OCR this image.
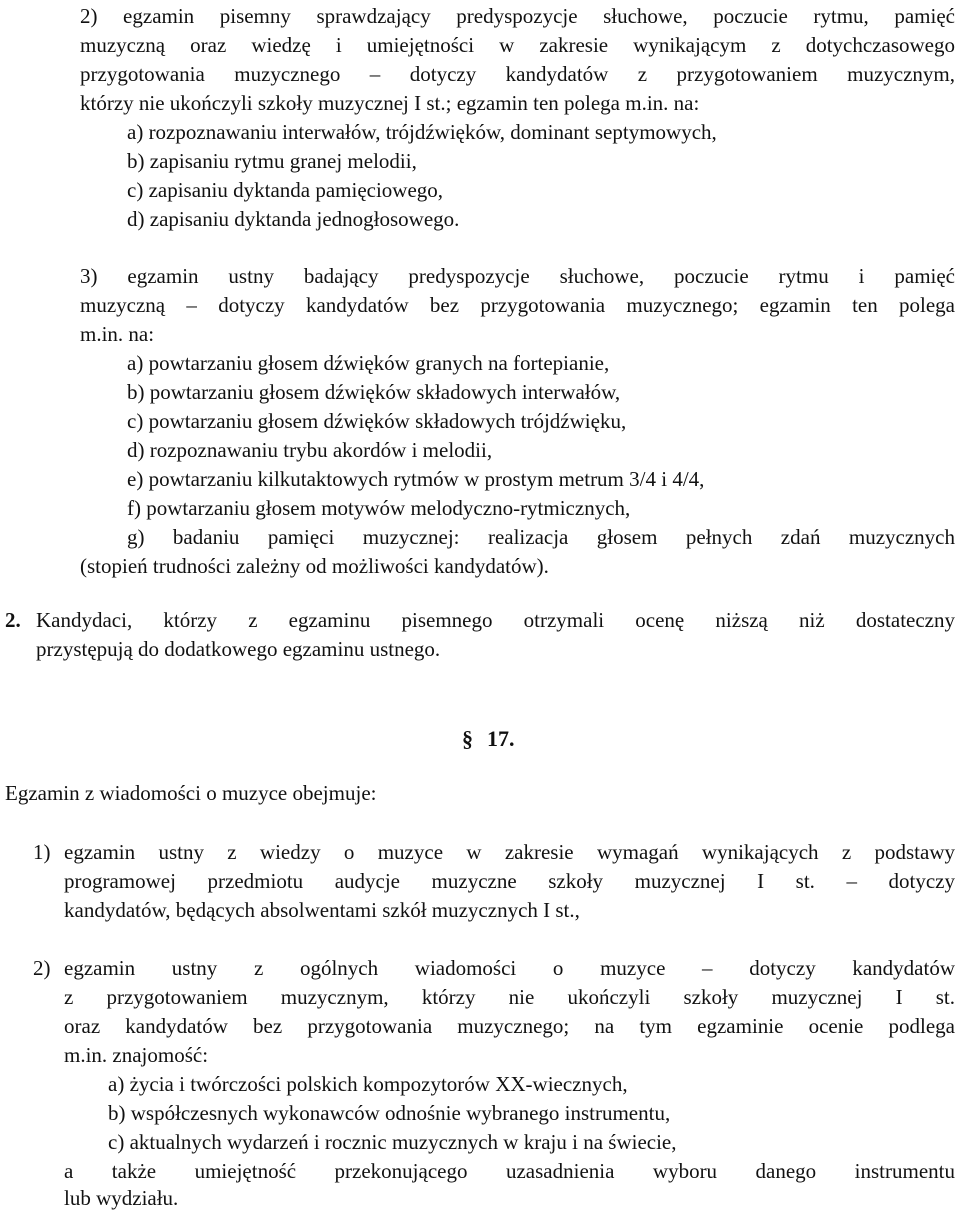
2) egzamin pisemny sprawdzający predyspozycje słuchowe, poczucie rytmu, pamięć
muzyczną oraz wiedzę i umiejętności w zakresie wynikającym z dotychczasowego
przygotowania muzycznego – dotyczy kandydatów z przygotowaniem muzycznym,
którzy nie ukończyli szkoły muzycznej I st.; egzamin ten polega m.in. na:
a) rozpoznawaniu interwałów, trójdźwięków, dominant septymowych,
b) zapisaniu rytmu granej melodii,
c) zapisaniu dyktanda pamięciowego,
d) zapisaniu dyktanda jednogłosowego.
3) egzamin ustny badający predyspozycje słuchowe, poczucie rytmu i pamięć
muzyczną – dotyczy kandydatów bez przygotowania muzycznego; egzamin ten polega
m.in. na:
a) powtarzaniu głosem dźwięków granych na fortepianie,
b) powtarzaniu głosem dźwięków składowych interwałów,
c) powtarzaniu głosem dźwięków składowych trójdźwięku,
d) rozpoznawaniu trybu akordów i melodii,
e) powtarzaniu kilkutaktowych rytmów w prostym metrum 3/4 i 4/4,
f) powtarzaniu głosem motywów melodyczno-rytmicznych,
g) badaniu pamięci muzycznej: realizacja głosem pełnych zdań muzycznych
(stopień trudności zależny od możliwości kandydatów).
2. Kandydaci, którzy z egzaminu pisemnego otrzymali ocenę niższą niż dostateczny
przystępują do dodatkowego egzaminu ustnego.
§ 17.
Egzamin z wiadomości o muzyce obejmuje:
1) egzamin ustny z wiedzy o muzyce w zakresie wymagań wynikających z podstawy
programowej przedmiotu audycje muzyczne szkoły muzycznej I st. – dotyczy
kandydatów, będących absolwentami szkół muzycznych I st.,
2) egzamin ustny z ogólnych wiadomości o muzyce – dotyczy kandydatów
z przygotowaniem muzycznym, którzy nie ukończyli szkoły muzycznej I st.
oraz kandydatów bez przygotowania muzycznego; na tym egzaminie ocenie podlega
m.in. znajomość:
a) życia i twórczości polskich kompozytorów XX-wiecznych,
b) współczesnych wykonawców odnośnie wybranego instrumentu,
c) aktualnych wydarzeń i rocznic muzycznych w kraju i na świecie,
a także umiejętność przekonującego uzasadnienia wyboru danego instrumentu
lub wydziału.
